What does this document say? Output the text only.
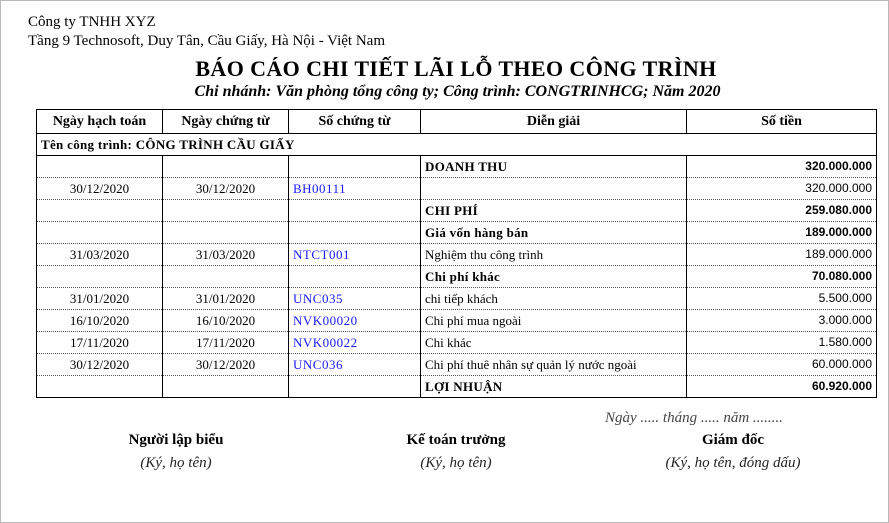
Công ty TNHH XYZ
Tầng 9 Technosoft, Duy Tân, Cầu Giấy, Hà Nội - Việt Nam
BÁO CÁO CHI TIẾT LÃI LỖ THEO CÔNG TRÌNH
Chi nhánh: Văn phòng tổng công ty; Công trình: CONGTRINHCG; Năm 2020
Ngày hạch toán	Ngày chứng từ	Số chứng từ	Diễn giải	Số tiền
Tên công trình: CÔNG TRÌNH CẦU GIẤY				
			DOANH THU	320.000.000
30/12/2020	30/12/2020	BH00111		320.000.000
			CHI PHÍ	259.080.000
			Giá vốn hàng bán	189.000.000
31/03/2020	31/03/2020	NTCT001	Nghiệm thu công trình	189.000.000
			Chi phí khác	70.080.000
31/01/2020	31/01/2020	UNC035	chi tiếp khách	5.500.000
16/10/2020	16/10/2020	NVK00020	Chi phí mua ngoài	3.000.000
17/11/2020	17/11/2020	NVK00022	Chi khác	1.580.000
30/12/2020	30/12/2020	UNC036	Chi phí thuê nhân sự quản lý nước ngoài	60.000.000
			LỢI NHUẬN	60.920.000
Ngày ..... tháng ..... năm ........
Người lập biểu
(Ký, họ tên)
Kế toán trưởng
(Ký, họ tên)
Giám đốc
(Ký, họ tên, đóng dấu)
